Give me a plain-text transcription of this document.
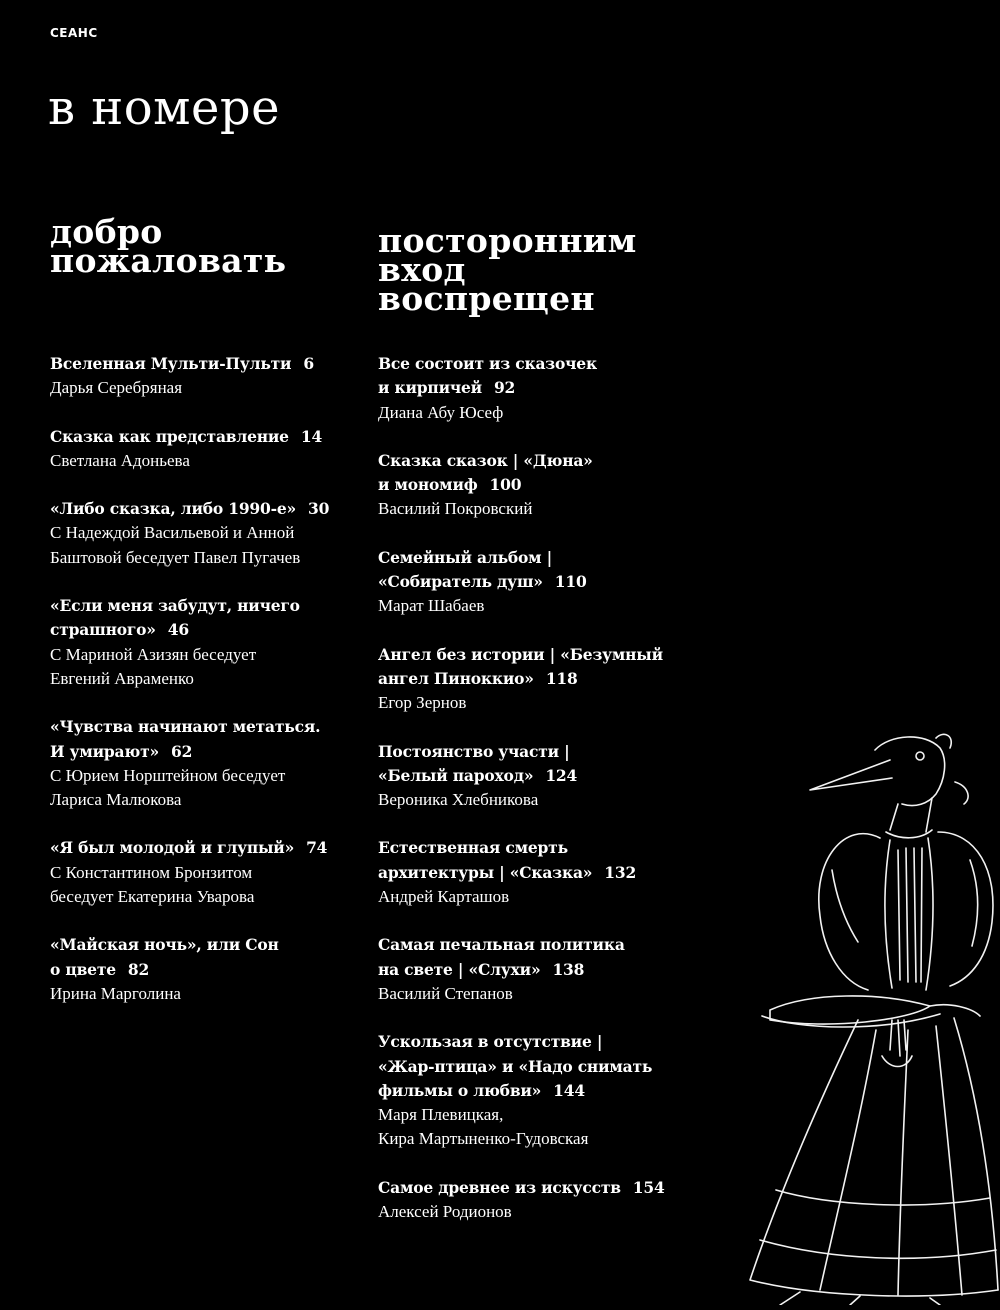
СЕАНС
в номере
добро
пожаловать
посторонним
вход
воспрещен
Вселенная Мульти-Пульти 6
Дарья Серебряная
Сказка как представление 14
Светлана Адоньева
«Либо сказка, либо 1990-е» 30
С Надеждой Васильевой и Анной
Баштовой беседует Павел Пугачев
«Если меня забудут, ничего
страшного» 46
С Мариной Азизян беседует
Евгений Авраменко
«Чувства начинают метаться.
И умирают» 62
С Юрием Норштейном беседует
Лариса Малюкова
«Я был молодой и глупый» 74
С Константином Бронзитом
беседует Екатерина Уварова
«Майская ночь», или Сон
о цвете 82
Ирина Марголина
Все состоит из сказочек
и кирпичей 92
Диана Абу Юсеф
Сказка сказок | «Дюна»
и мономиф 100
Василий Покровский
Семейный альбом |
«Собиратель душ» 110
Марат Шабаев
Ангел без истории | «Безумный
ангел Пиноккио» 118
Егор Зернов
Постоянство участи |
«Белый пароход» 124
Вероника Хлебникова
Естественная смерть
архитектуры | «Сказка» 132
Андрей Карташов
Самая печальная политика
на свете | «Слухи» 138
Василий Степанов
Ускользая в отсутствие |
«Жар-птица» и «Надо снимать
фильмы о любви» 144
Маря Плевицкая,
Кира Мартыненко-Гудовская
Самое древнее из искусств 154
Алексей Родионов
